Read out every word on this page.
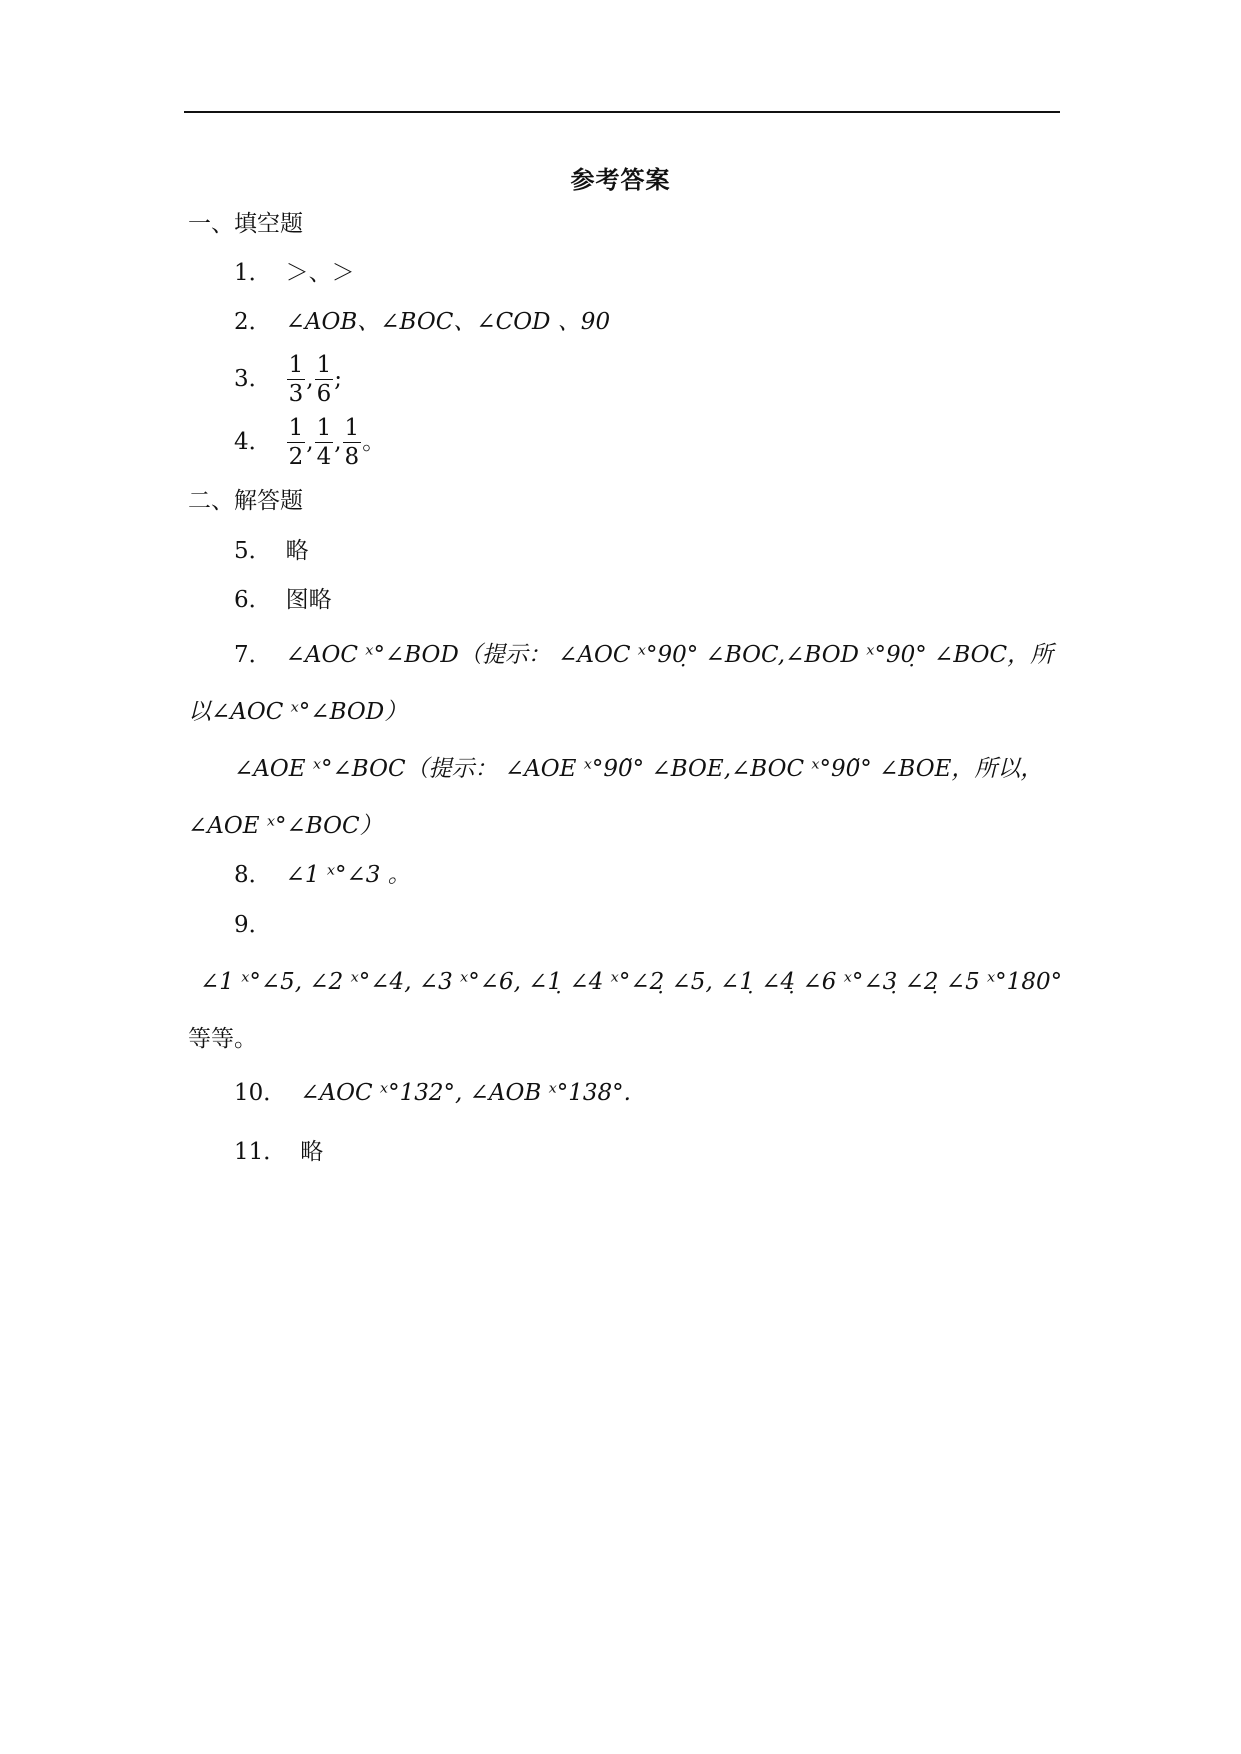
参考答案
一、填空题
1． ＞、＞
2． ∠AOB、∠BOC、∠COD 、90
3． $\frac{1}{3}$ , $\frac{1}{6}$ ;
4． $\frac{1}{2}$ , $\frac{1}{4}$ , $\frac{1}{8}$ 。
二、解答题
5． 略
6． 图略
7． ∠AOC ˣ°∠BOD（提示： ∠AOC ˣ°90̣° ∠BOC,∠BOD ˣ°90̣° ∠BOC，所
以∠AOC ˣ°∠BOD）
∠AOE ˣ°∠BOC（提示： ∠AOE ˣ°90̃° ∠BOE,∠BOC ˣ°90̃° ∠BOE，所以，
∠AOE ˣ°∠BOC）
8． ∠1 ˣ°∠3 。
9．
∠1 ˣ°∠5, ∠2 ˣ°∠4, ∠3 ˣ°∠6, ∠1̣ ∠4 ˣ°∠2̣ ∠5, ∠1̣ ∠4̣ ∠6 ˣ°∠3̣ ∠2̣ ∠5 ˣ°180°
等等。
10． ∠AOC ˣ°132°, ∠AOB ˣ°138°.
11． 略
